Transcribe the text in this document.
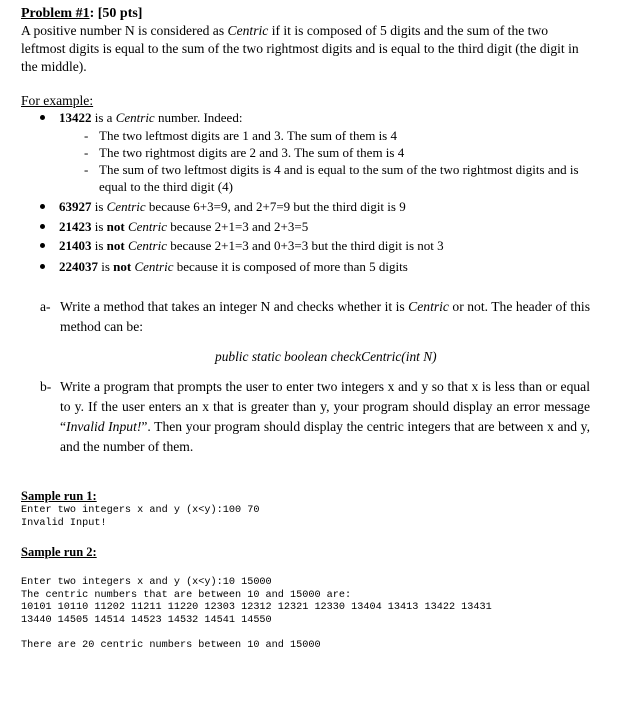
Problem #1: [50 pts]
A positive number N is considered as Centric if it is composed of 5 digits and the sum of the two leftmost digits is equal to the sum of the two rightmost digits and is equal to the third digit (the digit in the middle).
For example:
13422 is a Centric number. Indeed:
63927 is Centric because 6+3=9, and 2+7=9 but the third digit is 9
21423 is not Centric because 2+1=3 and 2+3=5
21403 is not Centric because 2+1=3 and 0+3=3 but the third digit is not 3
224037 is not Centric because it is composed of more than 5 digits
- The two leftmost digits are 1 and 3. The sum of them is 4
- The two rightmost digits are 2 and 3. The sum of them is 4
- The sum of two leftmost digits is 4 and is equal to the sum of the two rightmost digits and is equal to the third digit (4)
a- Write a method that takes an integer N and checks whether it is Centric or not. The header of this method can be:
public static boolean checkCentric(int N)
b- Write a program that prompts the user to enter two integers x and y so that x is less than or equal to y. If the user enters an x that is greater than y, your program should display an error message “Invalid Input!”. Then your program should display the centric integers that are between x and y, and the number of them.
Sample run 1:
Enter two integers x and y (x<y):100 70
Invalid Input!
Sample run 2:
Enter two integers x and y (x<y):10 15000
The centric numbers that are between 10 and 15000 are:
10101 10110 11202 11211 11220 12303 12312 12321 12330 13404 13413 13422 13431
13440 14505 14514 14523 14532 14541 14550
There are 20 centric numbers between 10 and 15000
